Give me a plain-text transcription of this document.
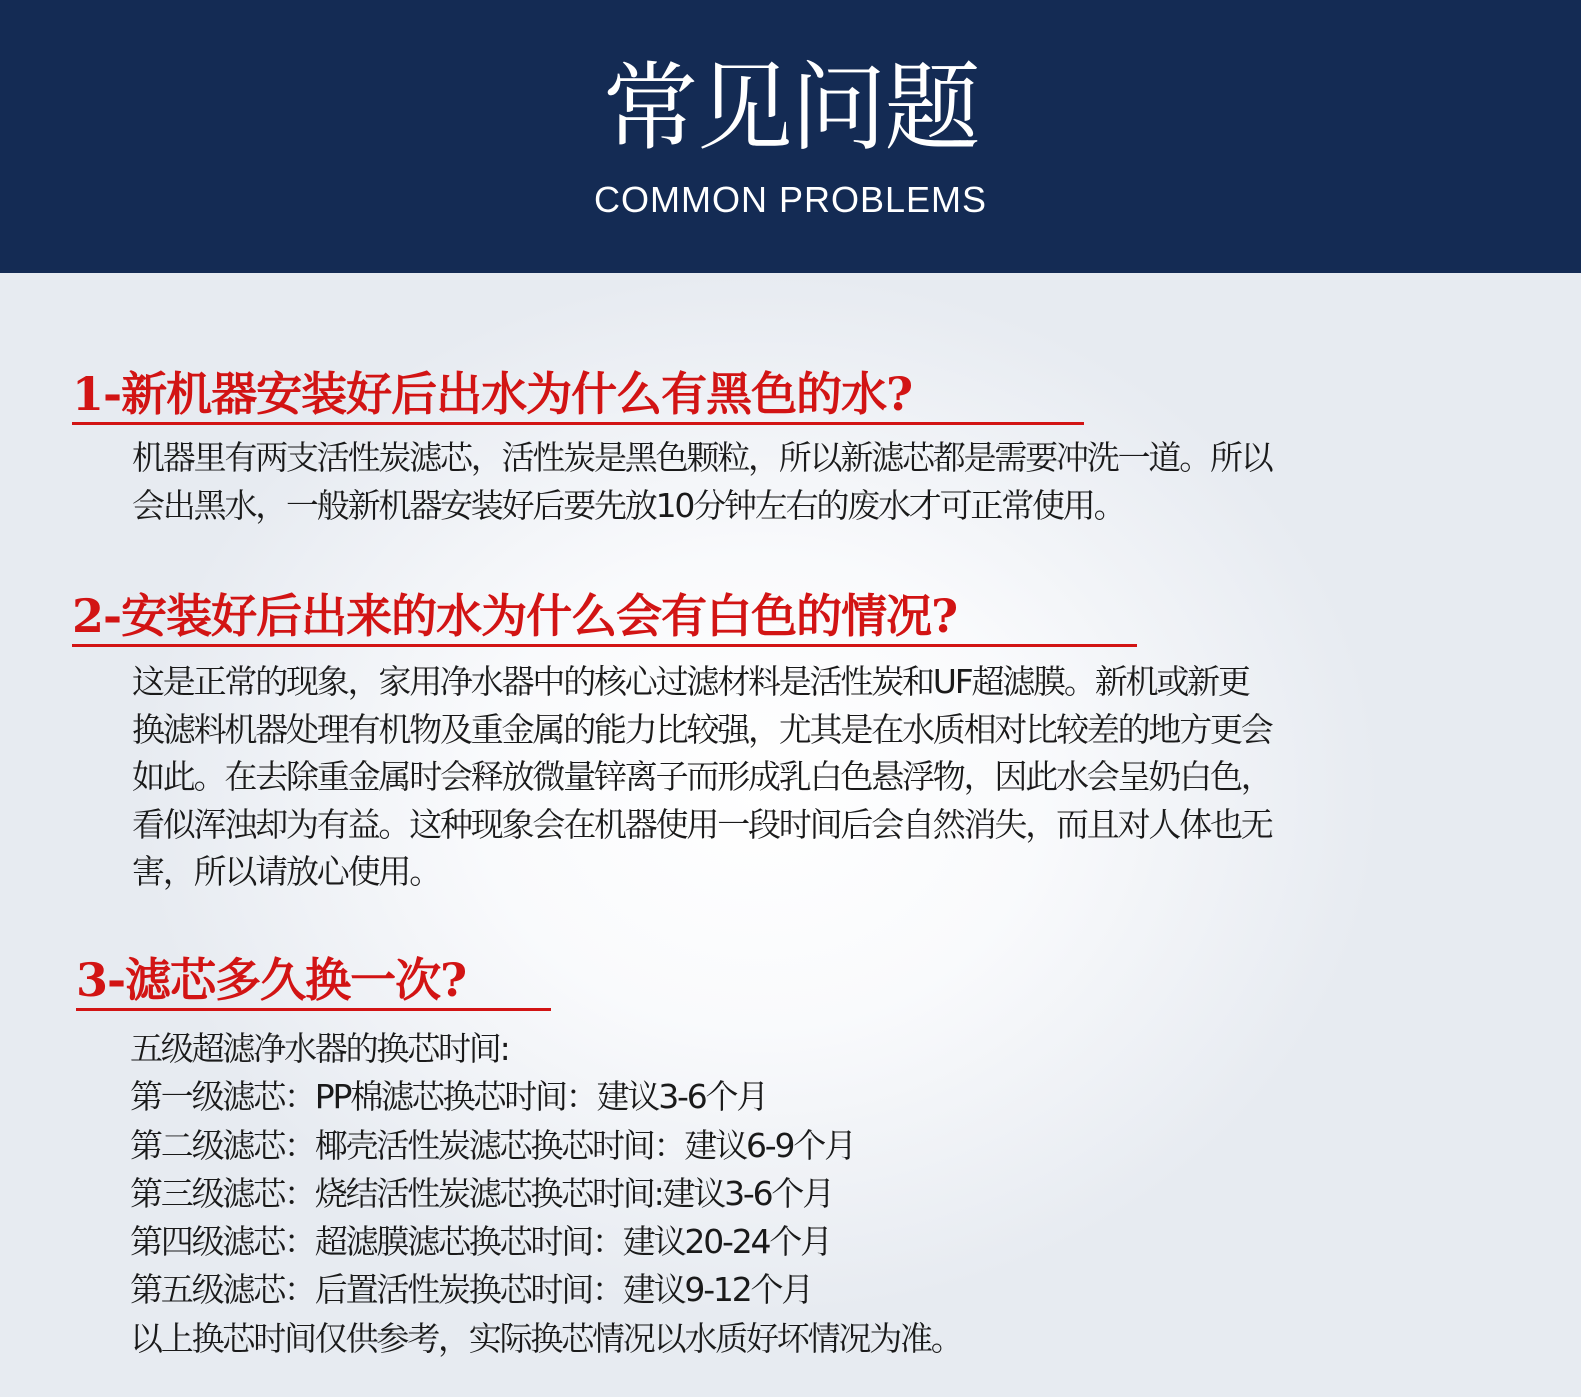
常见问题
COMMON PROBLEMS
1-新机器安装好后出水为什么有黑色的水?

机器里有两支活性炭滤芯，活性炭是黑色颗粒，所以新滤芯都是需要冲洗一道。所以

会出黑水，一般新机器安装好后要先放10分钟左右的废水才可正常使用。

2-安装好后出来的水为什么会有白色的情况?

这是正常的现象，家用净水器中的核心过滤材料是活性炭和UF超滤膜。新机或新更

换滤料机器处理有机物及重金属的能力比较强，尤其是在水质相对比较差的地方更会

如此。在去除重金属时会释放微量锌离子而形成乳白色悬浮物，因此水会呈奶白色，

看似浑浊却为有益。这种现象会在机器使用一段时间后会自然消失，而且对人体也无

害，所以请放心使用。

3-滤芯多久换一次?

五级超滤净水器的换芯时间:

第一级滤芯：PP棉滤芯换芯时间：建议3-6个月

第二级滤芯：椰壳活性炭滤芯换芯时间：建议6-9个月

第三级滤芯：烧结活性炭滤芯换芯时间:建议3-6个月

第四级滤芯：超滤膜滤芯换芯时间：建议20-24个月

第五级滤芯：后置活性炭换芯时间：建议9-12个月

以上换芯时间仅供参考，实际换芯情况以水质好坏情况为准。
